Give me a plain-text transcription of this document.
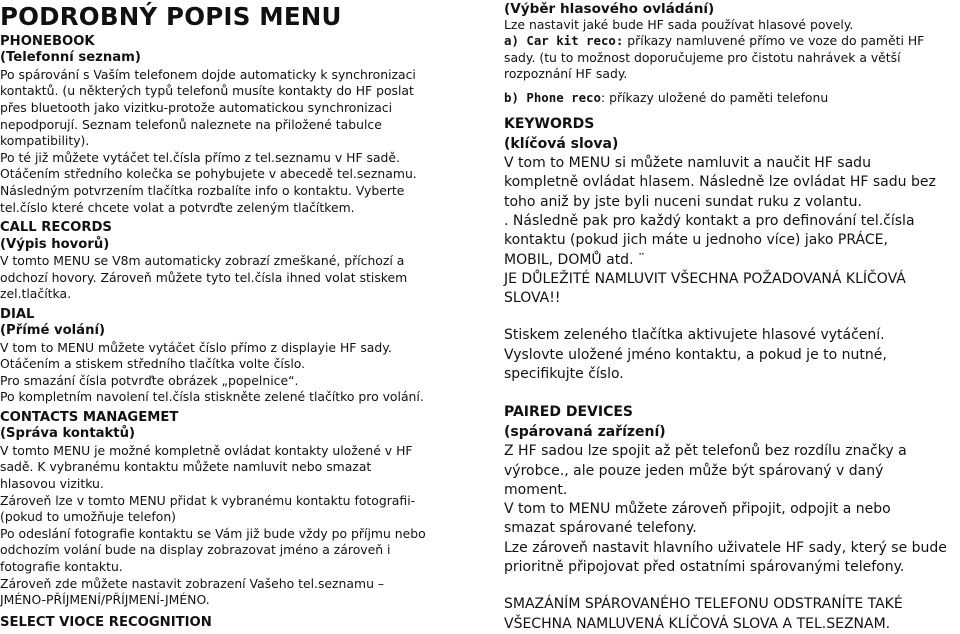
PODROBNÝ POPIS MENU
PHONEBOOK
(Telefonní seznam)

Po spárování s Vaším telefonem dojde automaticky k synchronizaci

kontaktů. (u některých typů telefonů musíte kontakty do HF poslat

přes bluetooth jako vizitku-protože automatickou synchronizaci

nepodporují. Seznam telefonů naleznete na přiložené tabulce

kompatibility).

Po té již můžete vytáčet tel.čísla přímo z tel.seznamu v HF sadě.

Otáčením středního kolečka se pohybujete v abecedě tel.seznamu.

Následným potvrzením tlačítka rozbalíte info o kontaktu. Vyberte

tel.číslo které chcete volat a potvrďte zeleným tlačítkem.

CALL RECORDS
(Výpis hovorů)

V tomto MENU se V8m automaticky zobrazí zmeškané, příchozí a

odchozí hovory. Zároveň můžete tyto tel.čísla ihned volat stiskem

zel.tlačítka.

DIAL
(Přímé volání)

V tom to MENU můžete vytáčet číslo přímo z displayie HF sady.

Otáčením a stiskem středního tlačítka volte číslo.

Pro smazání čísla potvrďte obrázek „popelnice“.

Po kompletním navolení tel.čísla stiskněte zelené tlačítko pro volání.

CONTACTS MANAGEMET
(Správa kontaktů)

V tomto MENU je možné kompletně ovládat kontakty uložené v HF

sadě. K vybranému kontaktu můžete namluvit nebo smazat

hlasovou vizitku.

Zároveň lze v tomto MENU přidat k vybranému kontaktu fotografii-

(pokud to umožňuje telefon)

Po odeslání fotografie kontaktu se Vám již bude vždy po příjmu nebo

odchozím volání bude na display zobrazovat jméno a zároveň i

fotografie kontaktu.

Zároveň zde můžete nastavit zobrazení Vašeho tel.seznamu –

JMÉNO-PŘÍJMENÍ/PŘÍJMENÍ-JMÉNO.

SELECT VIOCE RECOGNITION
(Výběr hlasového ovládání)

Lze nastavit jaké bude HF sada používat hlasové povely.

a) Car kit reco: příkazy namluvené přímo ve voze do paměti HF

sady. (tu to možnost doporučujeme pro čistotu nahrávek a větší

rozpoznání HF sady.

b) Phone reco: příkazy uložené do paměti telefonu

KEYWORDS
(klíčová slova)

V tom to MENU si můžete namluvit a naučit HF sadu

kompletně ovládat hlasem. Následně lze ovládat HF sadu bez

toho aniž by jste byli nuceni sundat ruku z volantu.

. Následně pak pro každý kontakt a pro definování tel.čísla

kontaktu (pokud jich máte u jednoho více) jako PRÁCE,

MOBIL, DOMŮ atd. ¨

JE DŮLEŽITÉ NAMLUVIT VŠECHNA POŽADOVANÁ KLÍČOVÁ

SLOVA!!

Stiskem zeleného tlačítka aktivujete hlasové vytáčení.

Vyslovte uložené jméno kontaktu, a pokud je to nutné,

specifikujte číslo.

PAIRED DEVICES
(spárovaná zařízení)

Z HF sadou lze spojit až pět telefonů bez rozdílu značky a

výrobce., ale pouze jeden může být spárovaný v daný

moment.

V tom to MENU můžete zároveň připojit, odpojit a nebo

smazat spárované telefony.

Lze zároveň nastavit hlavního uživatele HF sady, který se bude

prioritně připojovat před ostatními spárovanými telefony.

SMAZÁNÍM SPÁROVANÉHO TELEFONU ODSTRANÍTE TAKÉ

VŠECHNA NAMLUVENÁ KLÍČOVÁ SLOVA A TEL.SEZNAM.
